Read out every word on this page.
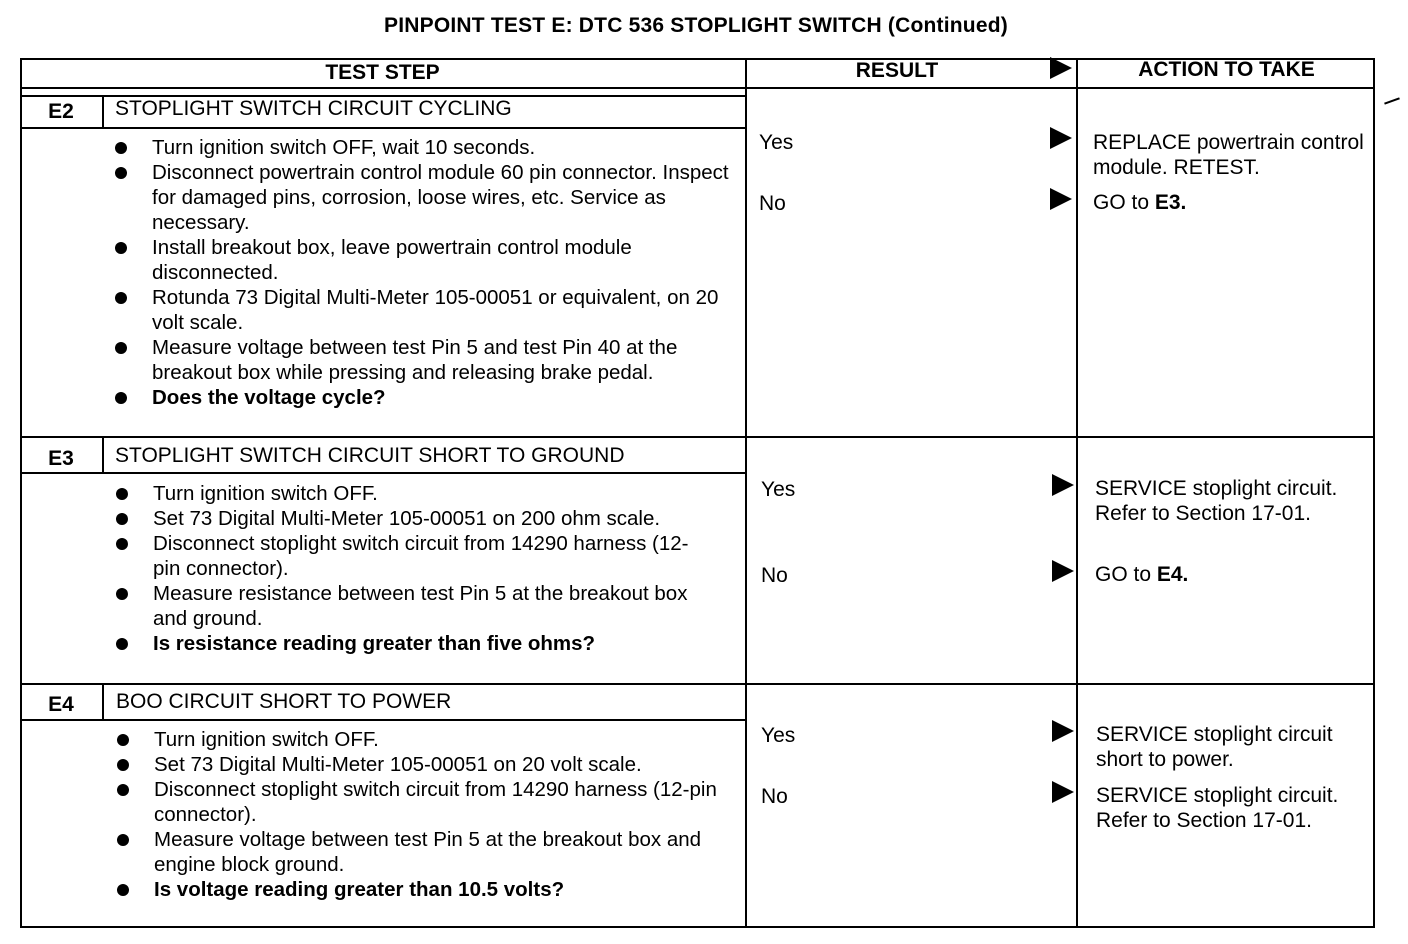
PINPOINT TEST E: DTC 536 STOPLIGHT SWITCH (Continued)
TEST STEP	RESULT	ACTION TO TAKE
E2	STOPLIGHT SWITCH CIRCUIT CYCLING
Turn ignition switch OFF, wait 10 seconds.
Disconnect powertrain control module 60 pin connector. Inspect for damaged pins, corrosion, loose wires, etc. Service as necessary.
Install breakout box, leave powertrain control module disconnected.
Rotunda 73 Digital Multi-Meter 105-00051 or equivalent, on 20 volt scale.
Measure voltage between test Pin 5 and test Pin 40 at the breakout box while pressing and releasing brake pedal.
Does the voltage cycle?
Yes	REPLACE powertrain control module. RETEST.
No	GO to E3.
E3	STOPLIGHT SWITCH CIRCUIT SHORT TO GROUND
Turn ignition switch OFF.
Set 73 Digital Multi-Meter 105-00051 on 200 ohm scale.
Disconnect stoplight switch circuit from 14290 harness (12-pin connector).
Measure resistance between test Pin 5 at the breakout box and ground.
Is resistance reading greater than five ohms?
Yes	SERVICE stoplight circuit. Refer to Section 17-01.
No	GO to E4.
E4	BOO CIRCUIT SHORT TO POWER
Turn ignition switch OFF.
Set 73 Digital Multi-Meter 105-00051 on 20 volt scale.
Disconnect stoplight switch circuit from 14290 harness (12-pin connector).
Measure voltage between test Pin 5 at the breakout box and engine block ground.
Is voltage reading greater than 10.5 volts?
Yes	SERVICE stoplight circuit short to power.
No	SERVICE stoplight circuit. Refer to Section 17-01.
